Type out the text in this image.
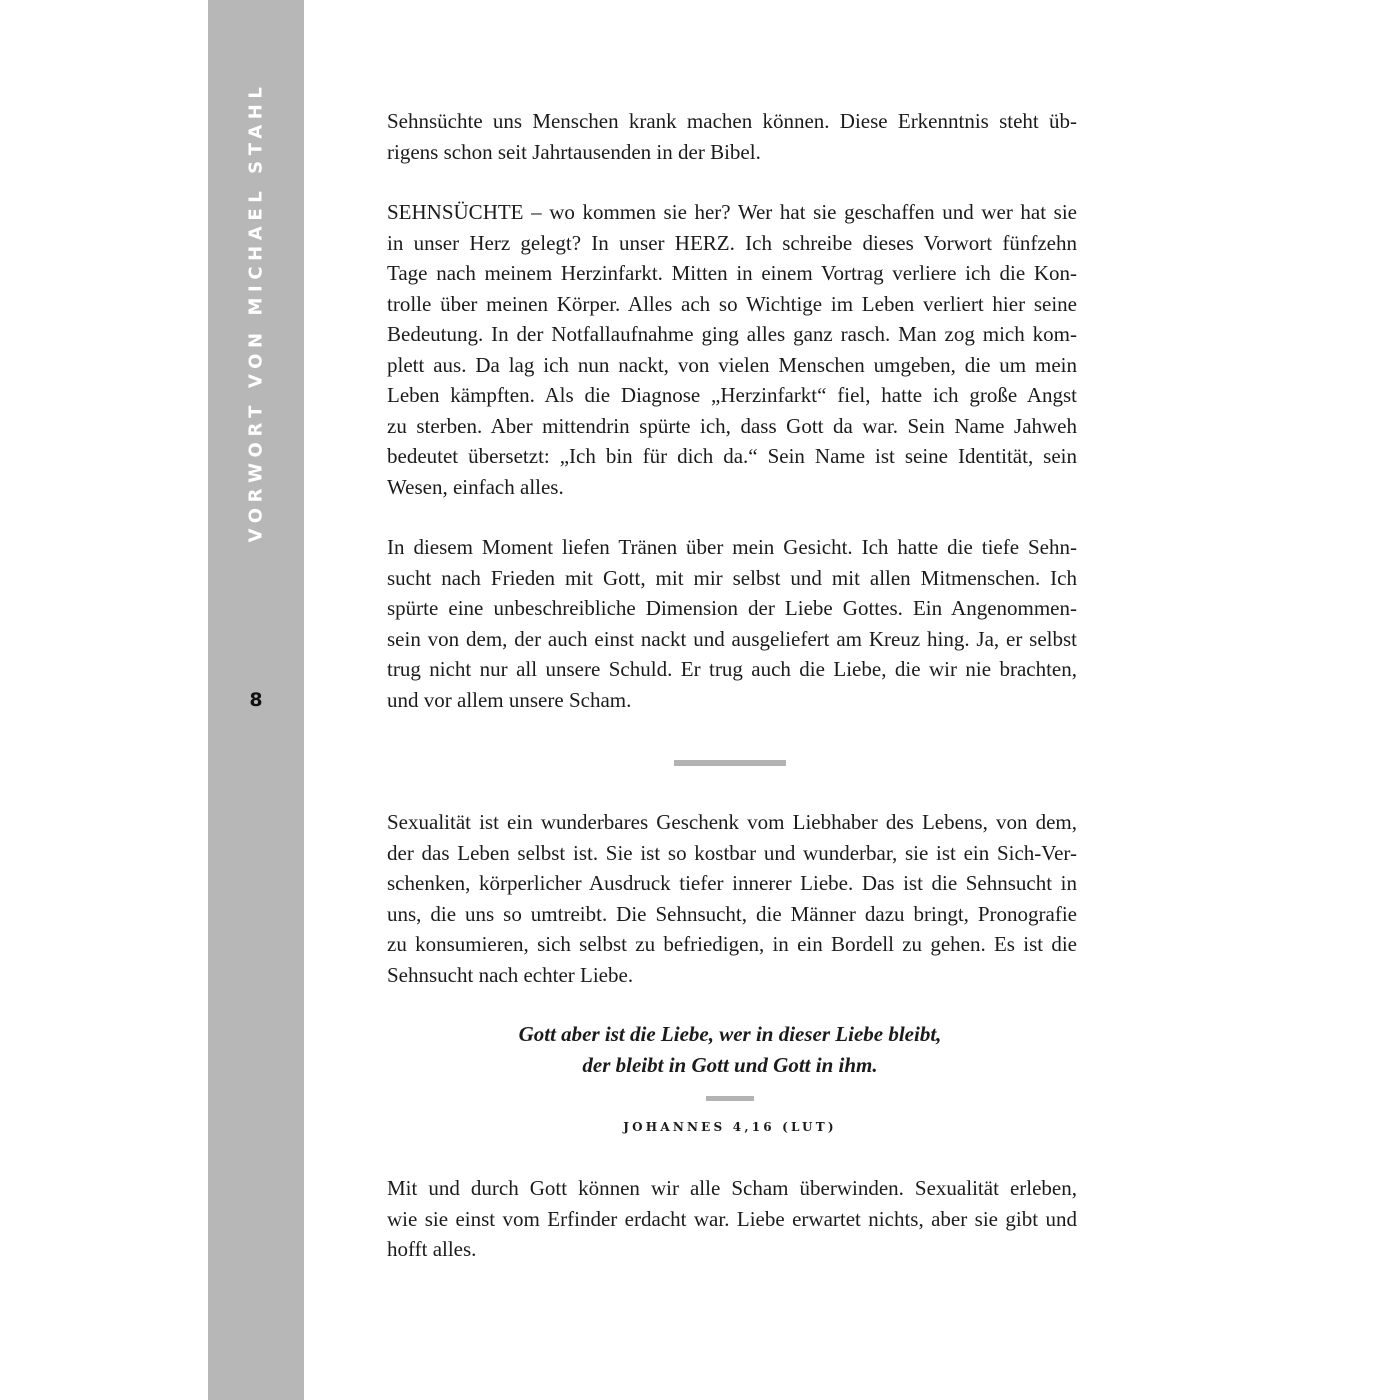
VORWORT VON MICHAEL STAHL
8

Sehnsüchte uns Menschen krank machen können. Diese Erkenntnis steht üb-
rigens schon seit Jahrtausenden in der Bibel.

SEHNSÜCHTE – wo kommen sie her? Wer hat sie geschaffen und wer hat sie
in unser Herz gelegt? In unser HERZ. Ich schreibe dieses Vorwort fünfzehn
Tage nach meinem Herzinfarkt. Mitten in einem Vortrag verliere ich die Kon-
trolle über meinen Körper. Alles ach so Wichtige im Leben verliert hier seine
Bedeutung. In der Notfallaufnahme ging alles ganz rasch. Man zog mich kom-
plett aus. Da lag ich nun nackt, von vielen Menschen umgeben, die um mein
Leben kämpften. Als die Diagnose „Herzinfarkt“ fiel, hatte ich große Angst
zu sterben. Aber mittendrin spürte ich, dass Gott da war. Sein Name Jahweh
bedeutet übersetzt: „Ich bin für dich da.“ Sein Name ist seine Identität, sein
Wesen, einfach alles.

In diesem Moment liefen Tränen über mein Gesicht. Ich hatte die tiefe Sehn-
sucht nach Frieden mit Gott, mit mir selbst und mit allen Mitmenschen. Ich
spürte eine unbeschreibliche Dimension der Liebe Gottes. Ein Angenommen-
sein von dem, der auch einst nackt und ausgeliefert am Kreuz hing. Ja, er selbst
trug nicht nur all unsere Schuld. Er trug auch die Liebe, die wir nie brachten,
und vor allem unsere Scham.

Sexualität ist ein wunderbares Geschenk vom Liebhaber des Lebens, von dem,
der das Leben selbst ist. Sie ist so kostbar und wunderbar, sie ist ein Sich-Ver-
schenken, körperlicher Ausdruck tiefer innerer Liebe. Das ist die Sehnsucht in
uns, die uns so umtreibt. Die Sehnsucht, die Männer dazu bringt, Pronografie
zu konsumieren, sich selbst zu befriedigen, in ein Bordell zu gehen. Es ist die
Sehnsucht nach echter Liebe.

Gott aber ist die Liebe, wer in dieser Liebe bleibt,
der bleibt in Gott und Gott in ihm.

JOHANNES 4,16 (LUT)

Mit und durch Gott können wir alle Scham überwinden. Sexualität erleben,
wie sie einst vom Erfinder erdacht war. Liebe erwartet nichts, aber sie gibt und
hofft alles.
